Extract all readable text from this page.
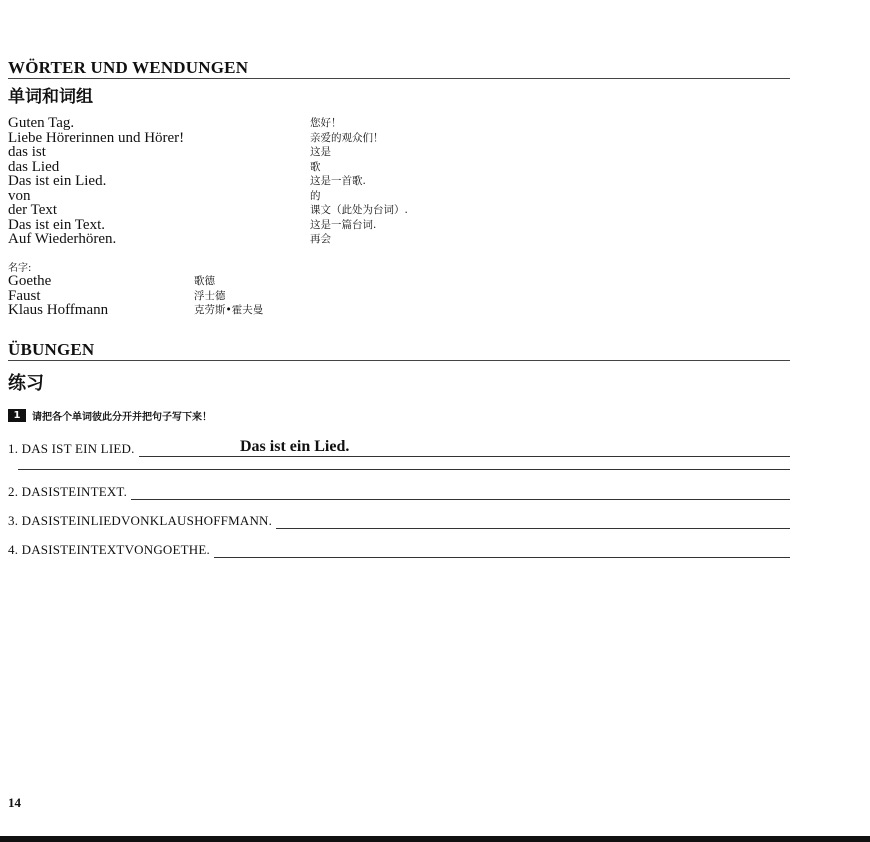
WÖRTER UND WENDUNGEN
单词和词组
Guten Tag.	您好！
Liebe Hörerinnen und Hörer!	亲爱的观众们！
das ist	这是
das Lied	歌
Das ist ein Lied.	这是一首歌.
von	的
der Text	课文（此处为台词）.
Das ist ein Text.	这是一篇台词.
Auf Wiederhören.	再会
名字:
Goethe	歌德
Faust	浮士德
Klaus Hoffmann	克劳斯•霍夫曼
ÜBUNGEN
练习
1	请把各个单词彼此分开并把句子写下来！
1. DAS IST EIN LIED.	Das ist ein Lied.
2. DASISTEINTEXT.
3. DASISTEINLIEDVONKLAUSHOFFMANN.
4. DASISTEINTEXTVONGOETHE.
14
